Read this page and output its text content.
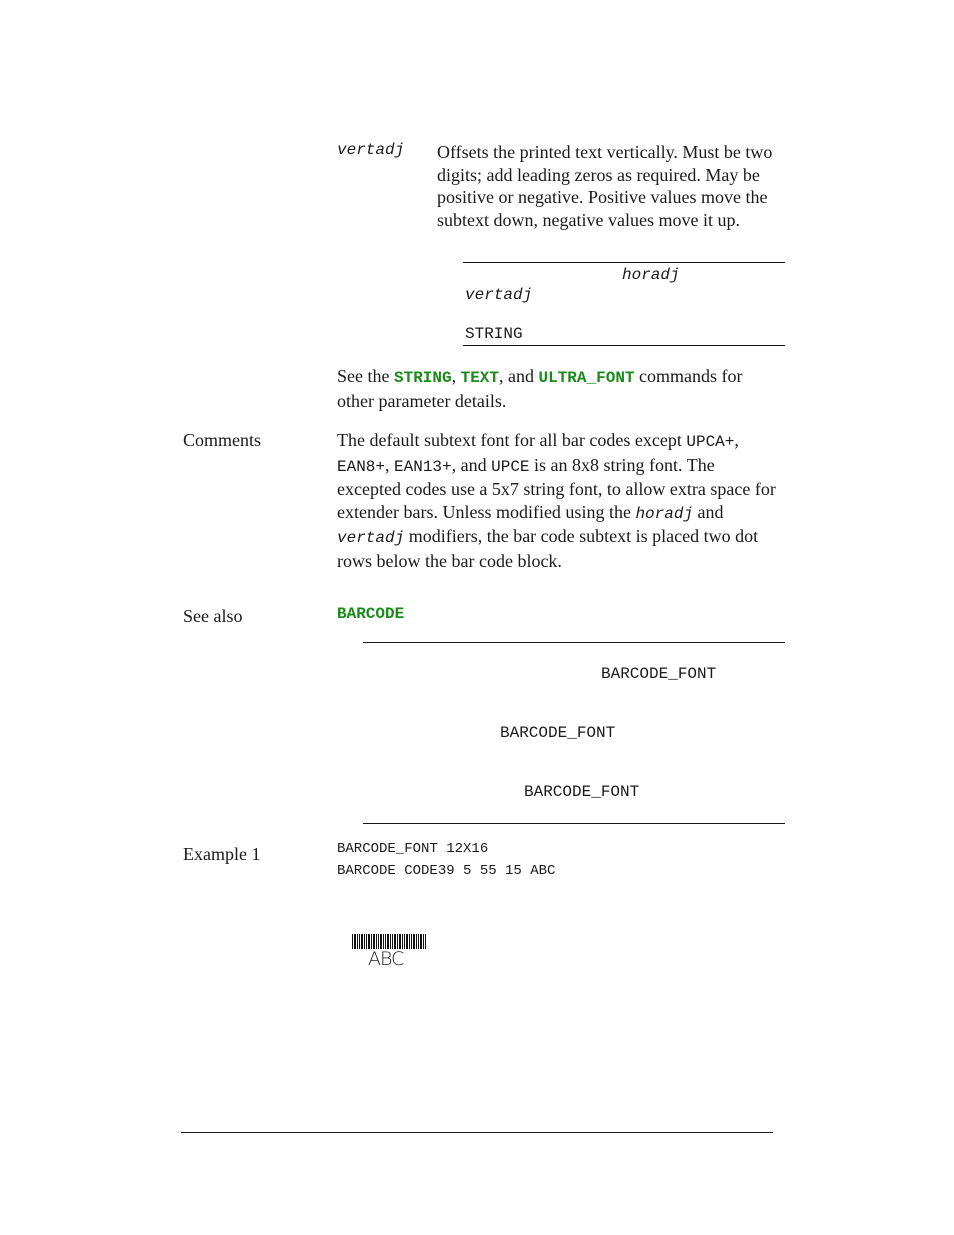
vertadj Offsets the printed text vertically. Must be two digits; add leading zeros as required. May be positive or negative. Positive values move the subtext down, negative values move it up.
horadj
vertadj
STRING
See the STRING, TEXT, and ULTRA_FONT commands for other parameter details.
Comments	The default subtext font for all bar codes except UPCA+, EAN8+, EAN13+, and UPCE is an 8x8 string font. The excepted codes use a 5x7 string font, to allow extra space for extender bars. Unless modified using the horadj and vertadj modifiers, the bar code subtext is placed two dot rows below the bar code block.
See also	BARCODE
BARCODE_FONT
BARCODE_FONT
BARCODE_FONT
Example 1	BARCODE_FONT 12X16
BARCODE CODE39 5 55 15 ABC
ABC
